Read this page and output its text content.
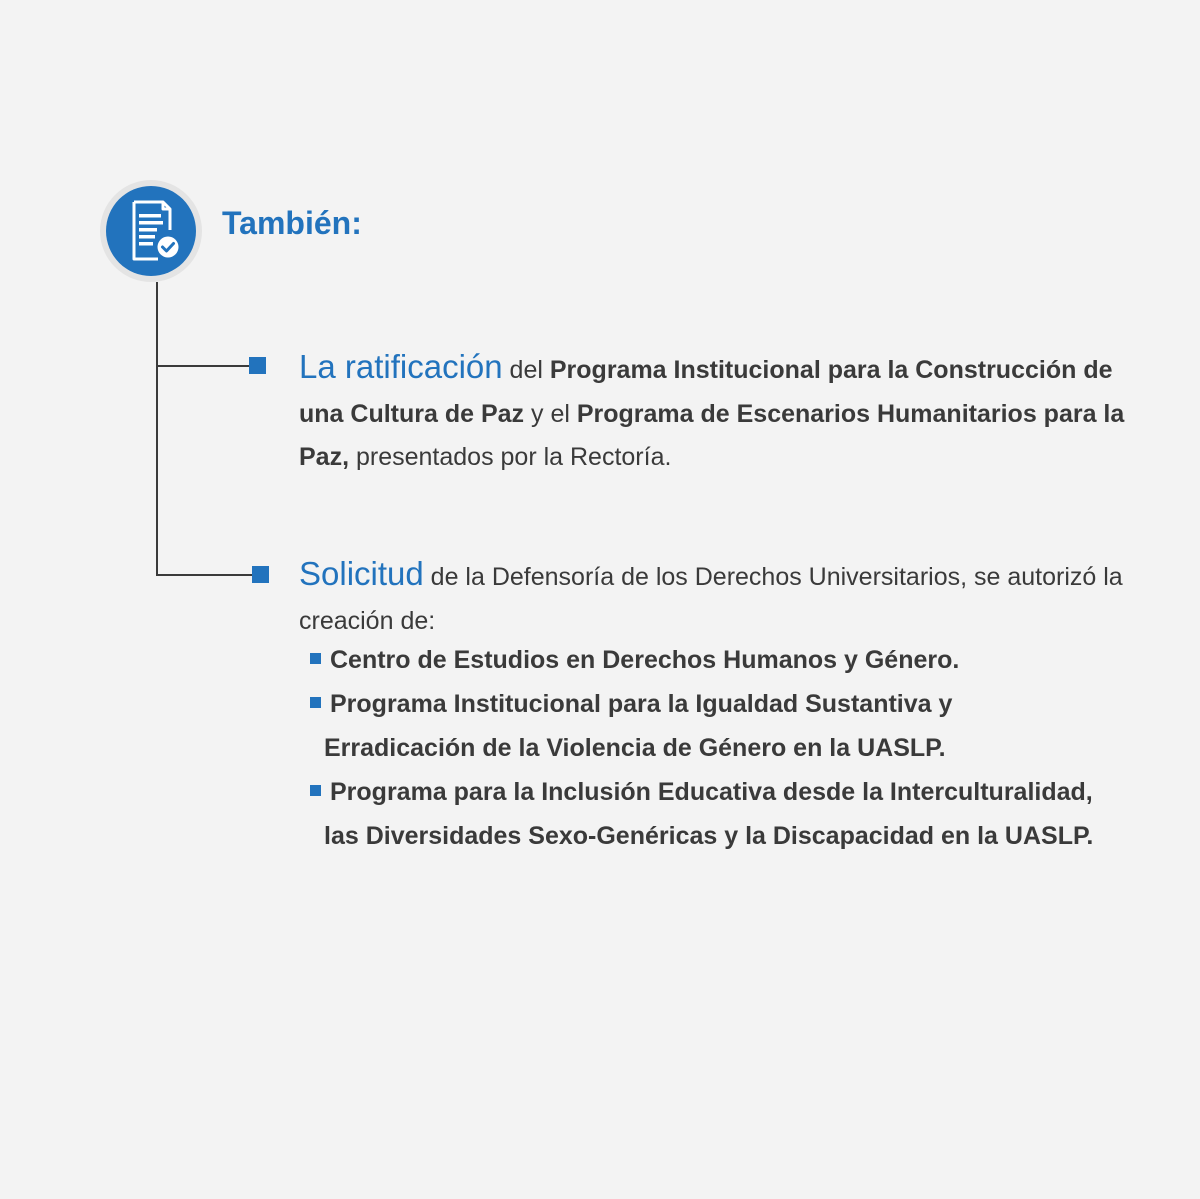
También:

La ratificación del Programa Institucional para la Construcción de una Cultura de Paz y el Programa de Escenarios Humanitarios para la Paz, presentados por la Rectoría.

Solicitud de la Defensoría de los Derechos Universitarios, se autorizó la creación de:

Centro de Estudios en Derechos Humanos y Género.
Programa Institucional para la Igualdad Sustantiva y Erradicación de la Violencia de Género en la UASLP.
Programa para la Inclusión Educativa desde la Interculturalidad, las Diversidades Sexo-Genéricas y la Discapacidad en la UASLP.
